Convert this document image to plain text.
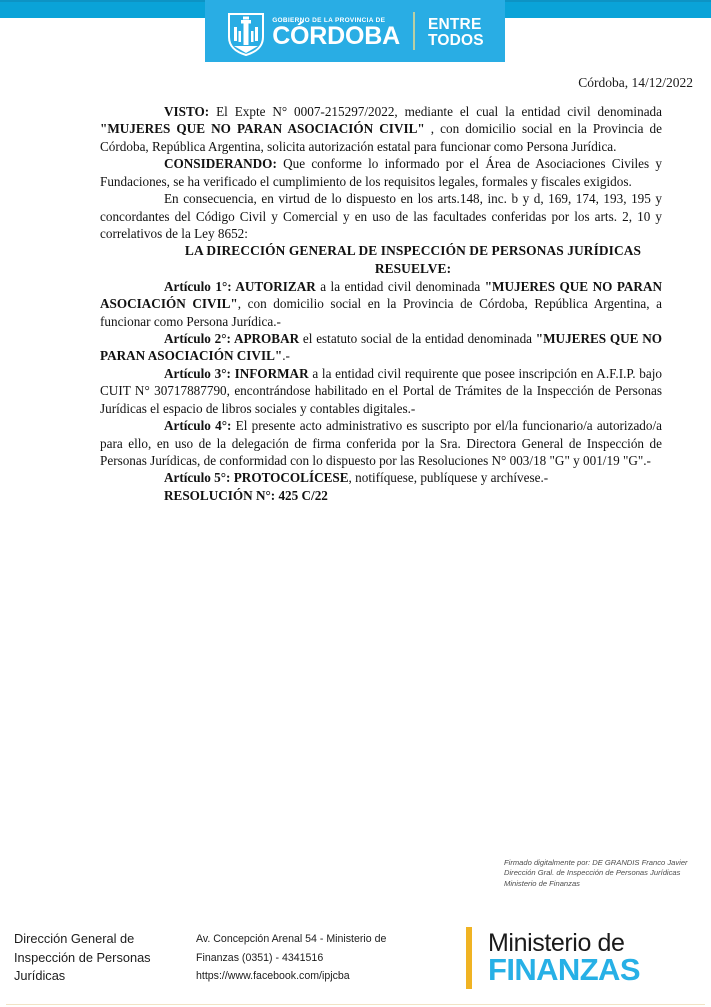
GOBIERNO DE LA PROVINCIA DE
CÓRDOBA ENTRE
TODOS
Córdoba, 14/12/2022

VISTO: El Expte N° 0007-215297/2022, mediante el cual la entidad civil denominada "MUJERES QUE NO PARAN ASOCIACIÓN CIVIL" , con domicilio social en la Provincia de Córdoba, República Argentina, solicita autorización estatal para funcionar como Persona Jurídica.

CONSIDERANDO: Que conforme lo informado por el Área de Asociaciones Civiles y Fundaciones, se ha verificado el cumplimiento de los requisitos legales, formales y fiscales exigidos.

En consecuencia, en virtud de lo dispuesto en los arts.148, inc. b y d, 169, 174, 193, 195 y concordantes del Código Civil y Comercial y en uso de las facultades conferidas por los arts. 2, 10 y correlativos de la Ley 8652:

LA DIRECCIÓN GENERAL DE INSPECCIÓN DE PERSONAS JURÍDICAS

RESUELVE:

Artículo 1°: AUTORIZAR a la entidad civil denominada "MUJERES QUE NO PARAN ASOCIACIÓN CIVIL", con domicilio social en la Provincia de Córdoba, República Argentina, a funcionar como Persona Jurídica.-

Artículo 2°: APROBAR el estatuto social de la entidad denominada "MUJERES QUE NO PARAN ASOCIACIÓN CIVIL".-

Artículo 3°: INFORMAR a la entidad civil requirente que posee inscripción en A.F.I.P. bajo CUIT N° 30717887790, encontrándose habilitado en el Portal de Trámites de la Inspección de Personas Jurídicas el espacio de libros sociales y contables digitales.-

Artículo 4°: El presente acto administrativo es suscripto por el/la funcionario/a autorizado/a para ello, en uso de la delegación de firma conferida por la Sra. Directora General de Inspección de Personas Jurídicas, de conformidad con lo dispuesto por las Resoluciones N° 003/18 "G" y 001/19 "G".-

Artículo 5°: PROTOCOLÍCESE, notifíquese, publíquese y archívese.-

RESOLUCIÓN N°: 425 C/22

Firmado digitalmente por: DE GRANDIS Franco Javier
Dirección Gral. de Inspección de Personas Jurídicas
Ministerio de Finanzas
Dirección General de Inspección de Personas Jurídicas
Av. Concepción Arenal 54 - Ministerio de
Finanzas (0351) - 4341516
https://www.facebook.com/ipjcba
Ministerio de
FINANZAS
